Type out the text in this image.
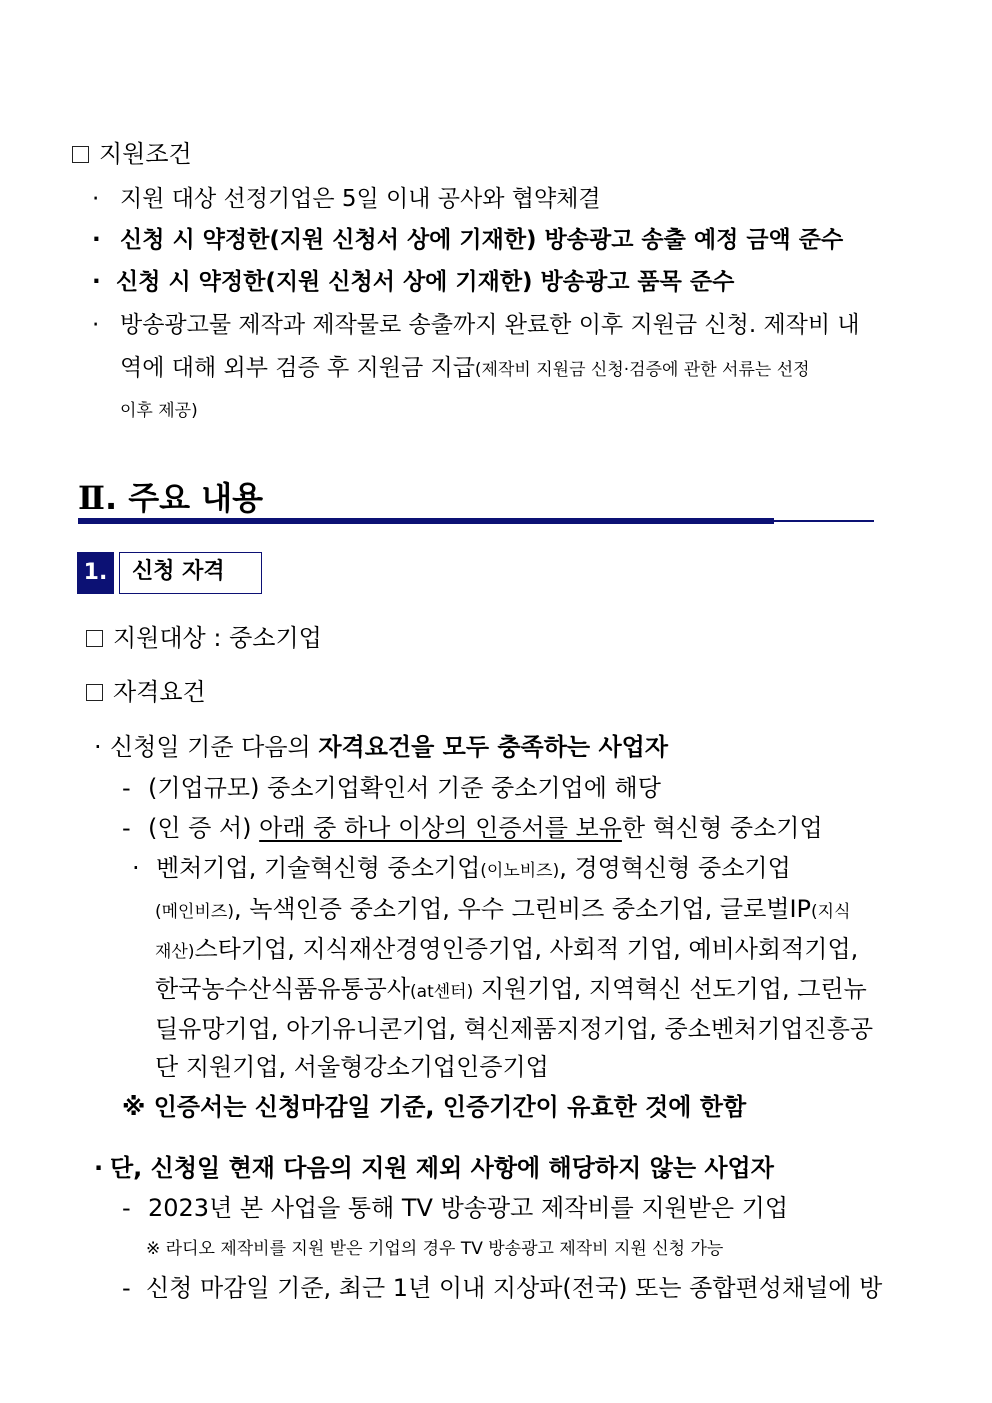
지원조건
· 지원 대상 선정기업은 5일 이내 공사와 협약체결
· 신청 시 약정한(지원 신청서 상에 기재한) 방송광고 송출 예정 금액 준수
· 신청 시 약정한(지원 신청서 상에 기재한) 방송광고 품목 준수
· 방송광고물 제작과 제작물로 송출까지 완료한 이후 지원금 신청. 제작비 내
역에 대해 외부 검증 후 지원금 지급(제작비 지원금 신청·검증에 관한 서류는 선정
이후 제공)
Ⅱ. 주요 내용
1.	신청 자격
지원대상 : 중소기업
자격요건
· 신청일 기준 다음의 자격요건을 모두 충족하는 사업자
- (기업규모) 중소기업확인서 기준 중소기업에 해당
- (인 증 서) 아래 중 하나 이상의 인증서를 보유한 혁신형 중소기업
· 벤처기업, 기술혁신형 중소기업(이노비즈), 경영혁신형 중소기업
(메인비즈), 녹색인증 중소기업, 우수 그린비즈 중소기업, 글로벌IP(지식
재산)스타기업, 지식재산경영인증기업, 사회적 기업, 예비사회적기업,
한국농수산식품유통공사(at센터) 지원기업, 지역혁신 선도기업, 그린뉴
딜유망기업, 아기유니콘기업, 혁신제품지정기업, 중소벤처기업진흥공
단 지원기업, 서울형강소기업인증기업
※ 인증서는 신청마감일 기준, 인증기간이 유효한 것에 한함
· 단, 신청일 현재 다음의 지원 제외 사항에 해당하지 않는 사업자
- 2023년 본 사업을 통해 TV 방송광고 제작비를 지원받은 기업
※ 라디오 제작비를 지원 받은 기업의 경우 TV 방송광고 제작비 지원 신청 가능
- 신청 마감일 기준, 최근 1년 이내 지상파(전국) 또는 종합편성채널에 방
